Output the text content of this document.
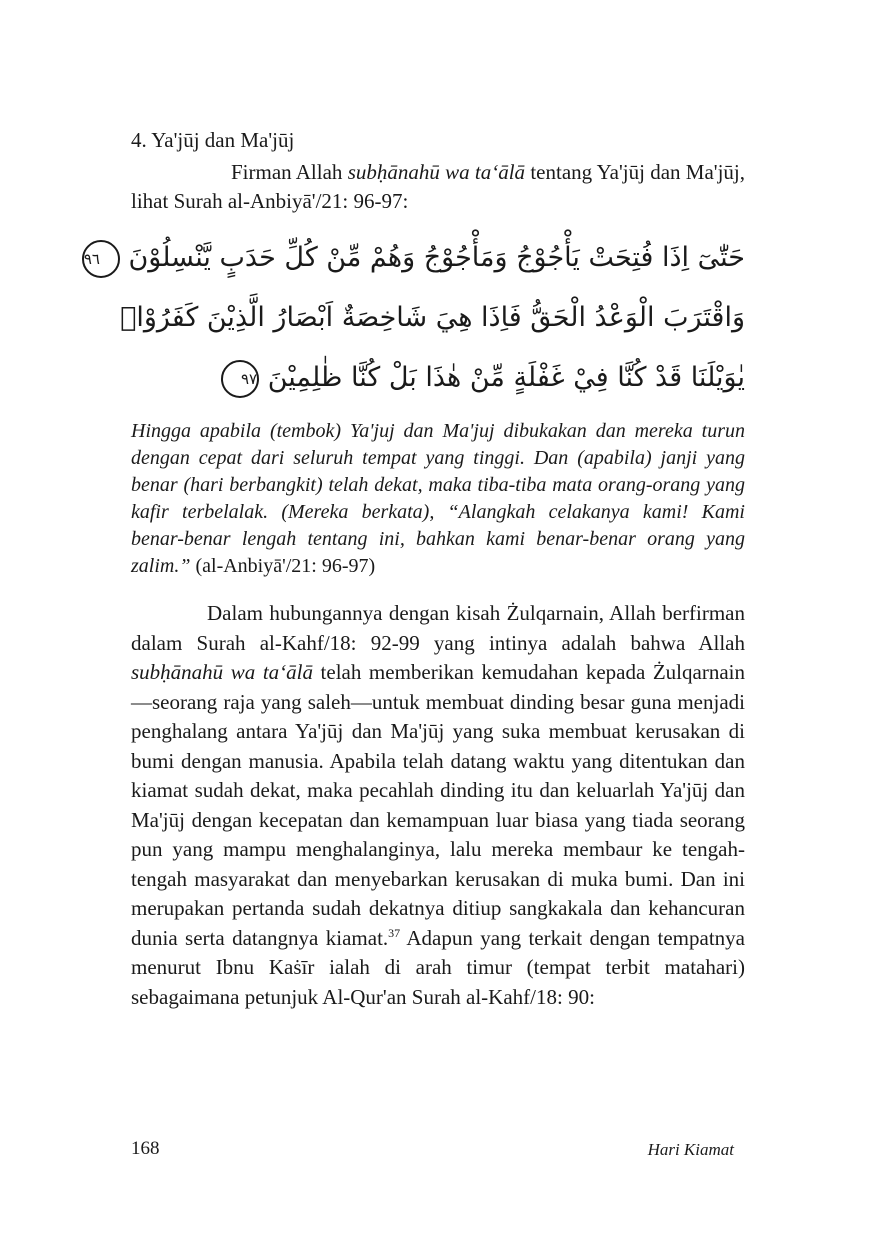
4. Ya'jūj dan Ma'jūj

Firman Allah subḥānahū wa ta‘ālā tentang Ya'jūj dan Ma'jūj, lihat Surah al-Anbiyā'/21: 96-97:

حَتّٰىٓ اِذَا فُتِحَتْ يَأْجُوْجُ وَمَأْجُوْجُ وَهُمْ مِّنْ كُلِّ حَدَبٍ يَّنْسِلُوْنَ ٩٦
وَاقْتَرَبَ الْوَعْدُ الْحَقُّ فَاِذَا هِيَ شَاخِصَةٌ اَبْصَارُ الَّذِيْنَ كَفَرُوْاۗ
يٰوَيْلَنَا قَدْ كُنَّا فِيْ غَفْلَةٍ مِّنْ هٰذَا بَلْ كُنَّا ظٰلِمِيْنَ ٩٧

Hingga apabila (tembok) Ya'juj dan Ma'juj dibukakan dan mereka turun dengan cepat dari seluruh tempat yang tinggi. Dan (apabila) janji yang benar (hari berbangkit) telah dekat, maka tiba-tiba mata orang-orang yang kafir terbelalak. (Mereka berkata), “Alangkah celakanya kami! Kami benar-benar lengah tentang ini, bahkan kami benar-benar orang yang zalim.” (al-Anbiyā'/21: 96-97)

Dalam hubungannya dengan kisah Żulqarnain, Allah berfirman dalam Surah al-Kahf/18: 92-99 yang intinya adalah bahwa Allah subḥānahū wa ta‘ālā telah memberikan kemudahan kepada Żulqarnain—seorang raja yang saleh—untuk membuat dinding besar guna menjadi penghalang antara Ya'jūj dan Ma'jūj yang suka membuat kerusakan di bumi dengan manusia. Apabila telah datang waktu yang ditentukan dan kiamat sudah dekat, maka pecahlah dinding itu dan keluarlah Ya'jūj dan Ma'jūj dengan kecepatan dan kemampuan luar biasa yang tiada seorang pun yang mampu menghalanginya, lalu mereka membaur ke tengah-tengah masyarakat dan menyebarkan kerusakan di muka bumi. Dan ini merupakan pertanda sudah dekatnya ditiup sangkakala dan kehancuran dunia serta datangnya kiamat.$^{37}$ Adapun yang terkait dengan tempatnya menurut Ibnu Kaṡīr ialah di arah timur (tempat terbit matahari) sebagaimana petunjuk Al-Qur'an Surah al-Kahf/18: 90:

168	Hari Kiamat
